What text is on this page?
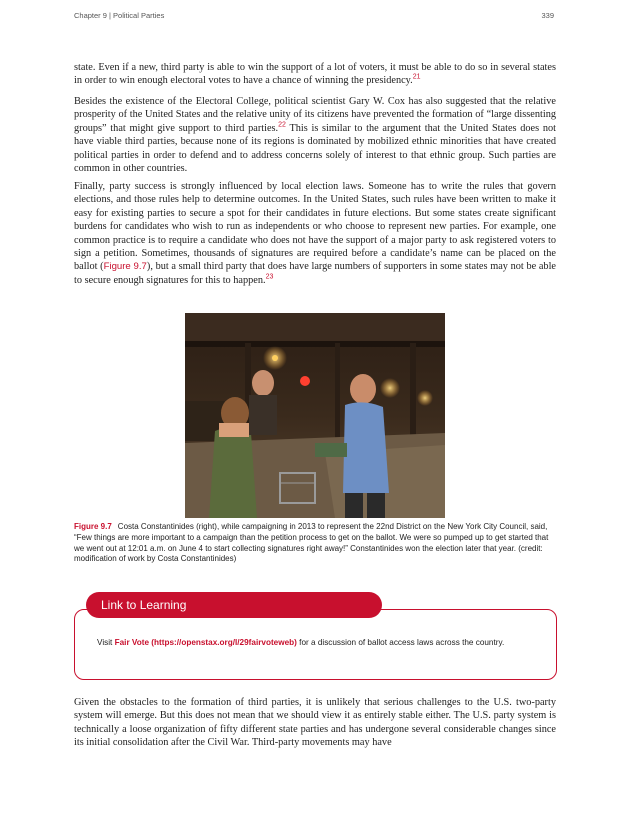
Chapter 9 | Political Parties	339

state. Even if a new, third party is able to win the support of a lot of voters, it must be able to do so in several states in order to win enough electoral votes to have a chance of winning the presidency.$^{21}$

Besides the existence of the Electoral College, political scientist Gary W. Cox has also suggested that the relative prosperity of the United States and the relative unity of its citizens have prevented the formation of “large dissenting groups” that might give support to third parties.$^{22}$ This is similar to the argument that the United States does not have viable third parties, because none of its regions is dominated by mobilized ethnic minorities that have created political parties in order to defend and to address concerns solely of interest to that ethnic group. Such parties are common in other countries.

Finally, party success is strongly influenced by local election laws. Someone has to write the rules that govern elections, and those rules help to determine outcomes. In the United States, such rules have been written to make it easy for existing parties to secure a spot for their candidates in future elections. But some states create significant burdens for candidates who wish to run as independents or who choose to represent new parties. For example, one common practice is to require a candidate who does not have the support of a major party to ask registered voters to sign a petition. Sometimes, thousands of signatures are required before a candidate’s name can be placed on the ballot (Figure 9.7), but a small third party that does have large numbers of supporters in some states may not be able to secure enough signatures for this to happen.$^{23}$

Figure 9.7 Costa Constantinides (right), while campaigning in 2013 to represent the 22nd District on the New York City Council, said, “Few things are more important to a campaign than the petition process to get on the ballot. We were so pumped up to get started that we went out at 12:01 a.m. on June 4 to start collecting signatures right away!” Constantinides won the election later that year. (credit: modification of work by Costa Constantinides)

Link to Learning

Visit Fair Vote (https://openstax.org/l/29fairvoteweb) for a discussion of ballot access laws across the country.

Given the obstacles to the formation of third parties, it is unlikely that serious challenges to the U.S. two-party system will emerge. But this does not mean that we should view it as entirely stable either. The U.S. party system is technically a loose organization of fifty different state parties and has undergone several considerable changes since its initial consolidation after the Civil War. Third-party movements may have
